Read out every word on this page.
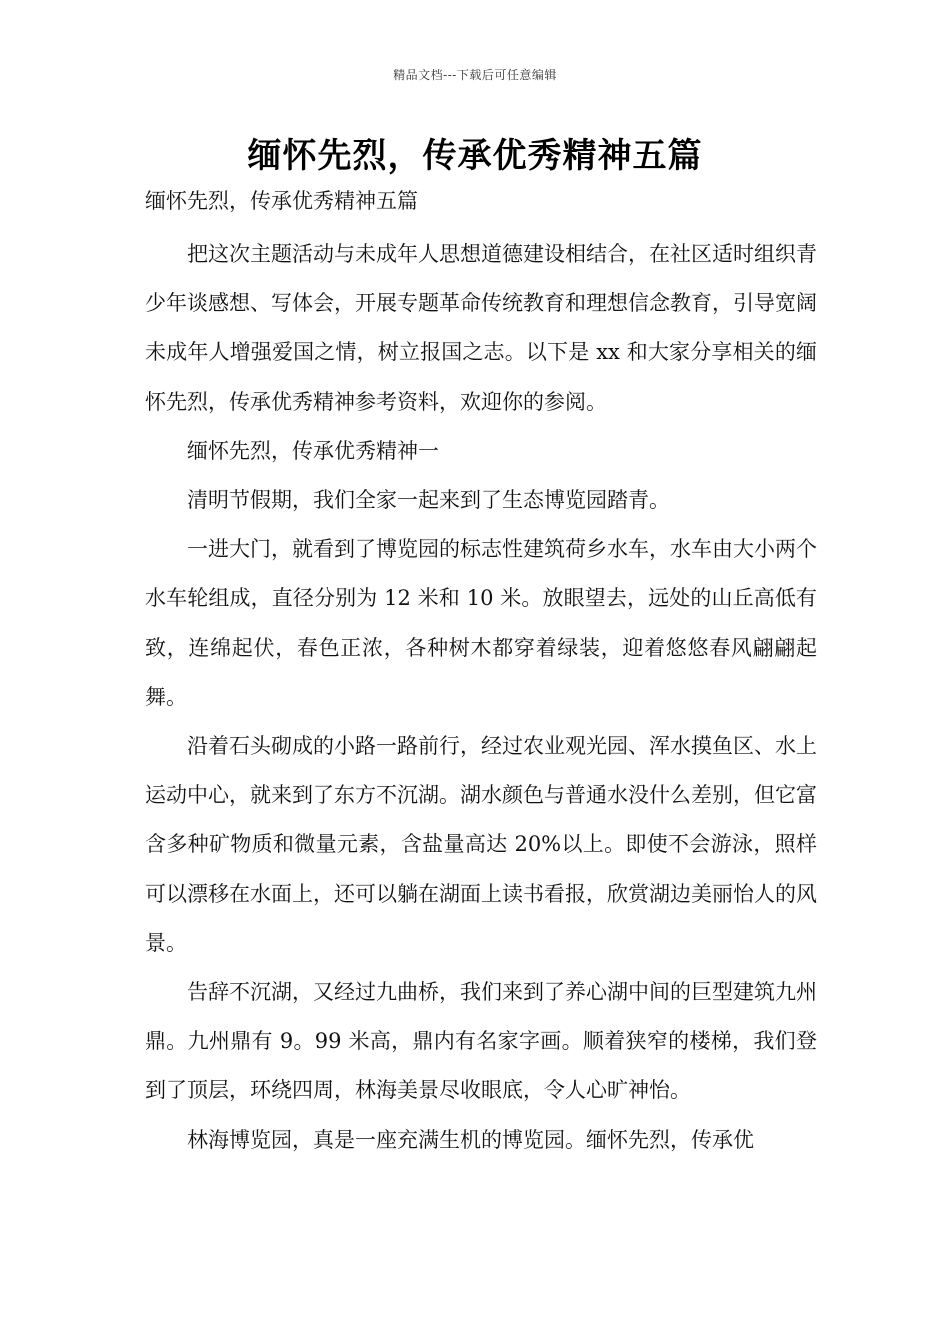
精品文档---下载后可任意编辑
缅怀先烈，传承优秀精神五篇
缅怀先烈，传承优秀精神五篇

把这次主题活动与未成年人思想道德建设相结合，在社区适时组织青少年谈感想、写体会，开展专题革命传统教育和理想信念教育，引导宽阔未成年人增强爱国之情，树立报国之志。以下是 xx 和大家分享相关的缅怀先烈，传承优秀精神参考资料，欢迎你的参阅。

缅怀先烈，传承优秀精神一

清明节假期，我们全家一起来到了生态博览园踏青。

一进大门，就看到了博览园的标志性建筑荷乡水车，水车由大小两个水车轮组成，直径分别为 12 米和 10 米。放眼望去，远处的山丘高低有致，连绵起伏，春色正浓，各种树木都穿着绿装，迎着悠悠春风翩翩起舞。

沿着石头砌成的小路一路前行，经过农业观光园、浑水摸鱼区、水上运动中心，就来到了东方不沉湖。湖水颜色与普通水没什么差别，但它富含多种矿物质和微量元素，含盐量高达 20%以上。即使不会游泳，照样可以漂移在水面上，还可以躺在湖面上读书看报，欣赏湖边美丽怡人的风景。

告辞不沉湖，又经过九曲桥，我们来到了养心湖中间的巨型建筑九州鼎。九州鼎有 9。99 米高，鼎内有名家字画。顺着狭窄的楼梯，我们登到了顶层，环绕四周，林海美景尽收眼底，令人心旷神怡。

林海博览园，真是一座充满生机的博览园。缅怀先烈，传承优
